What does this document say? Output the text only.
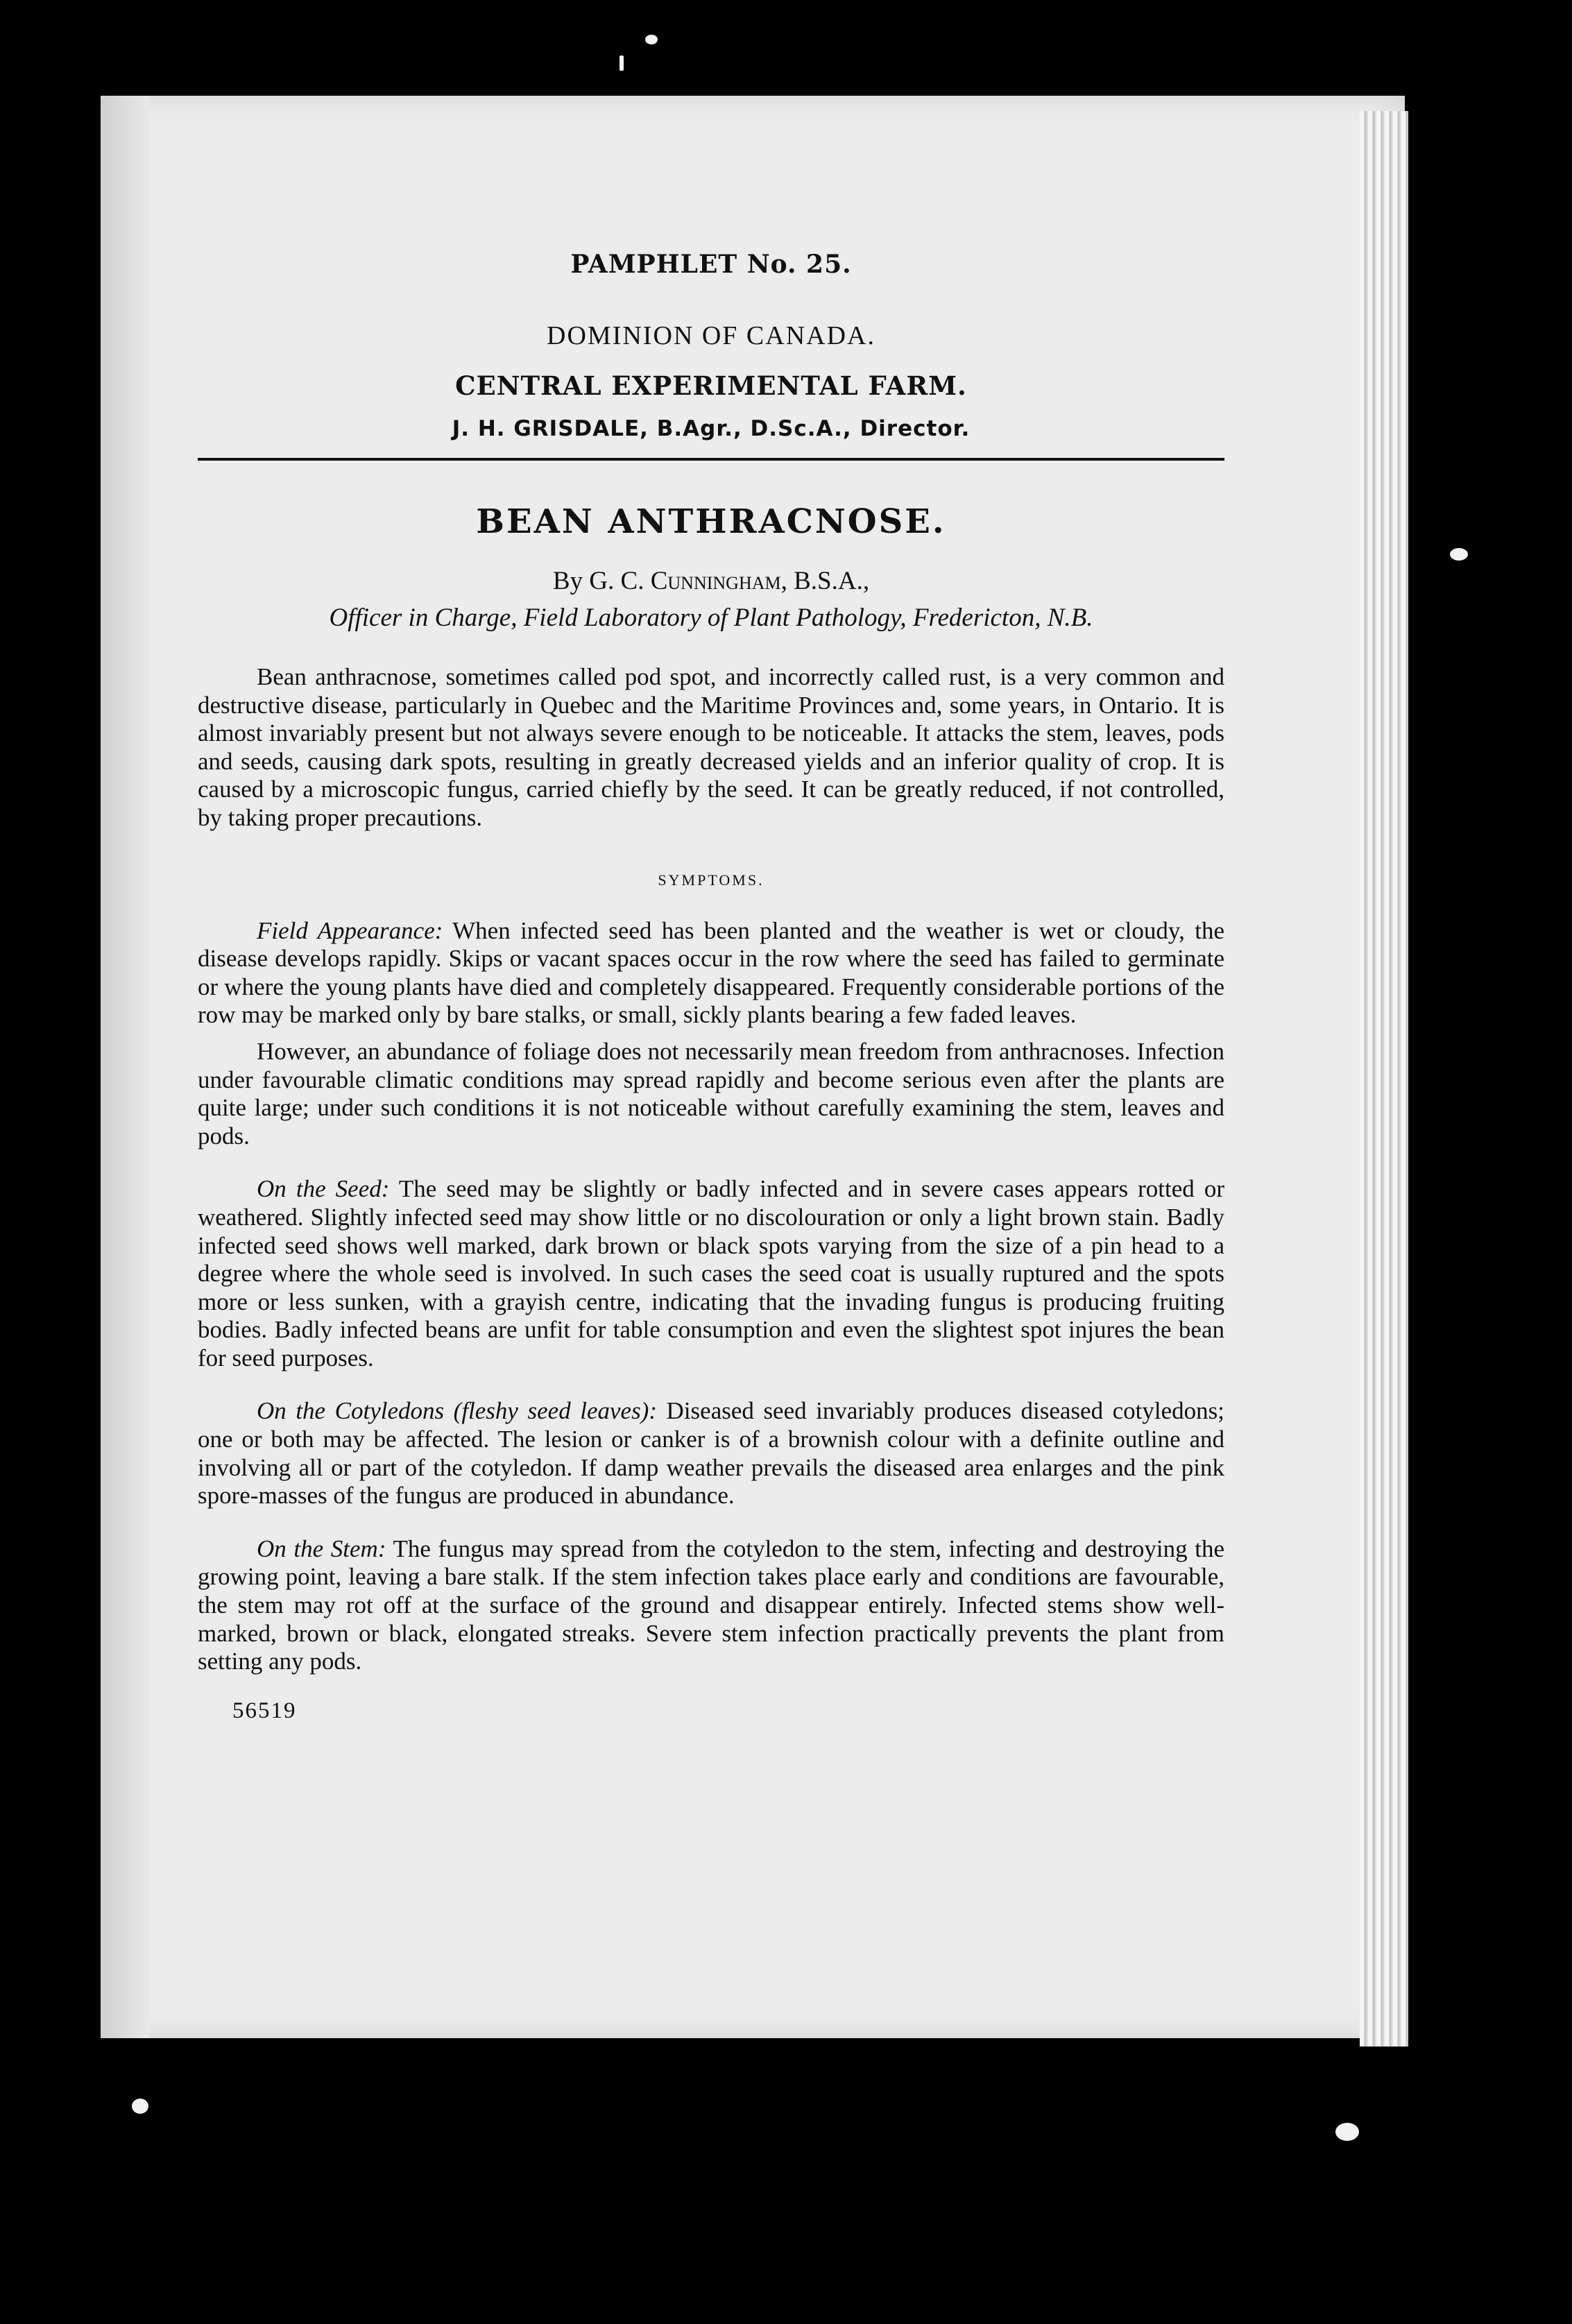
PAMPHLET No. 25.

DOMINION OF CANADA.

CENTRAL EXPERIMENTAL FARM.

J. H. GRISDALE, B.Agr., D.Sc.A., Director.

BEAN ANTHRACNOSE.

By G. C. Cunningham, B.S.A.,

Officer in Charge, Field Laboratory of Plant Pathology, Fredericton, N.B.

Bean anthracnose, sometimes called pod spot, and incorrectly called rust, is a very common and destructive disease, particularly in Quebec and the Maritime Provinces and, some years, in Ontario. It is almost invariably present but not always severe enough to be noticeable. It attacks the stem, leaves, pods and seeds, causing dark spots, resulting in greatly decreased yields and an inferior quality of crop. It is caused by a microscopic fungus, carried chiefly by the seed. It can be greatly reduced, if not controlled, by taking proper precautions.

SYMPTOMS.

Field Appearance: When infected seed has been planted and the weather is wet or cloudy, the disease develops rapidly. Skips or vacant spaces occur in the row where the seed has failed to germinate or where the young plants have died and completely disappeared. Frequently considerable portions of the row may be marked only by bare stalks, or small, sickly plants bearing a few faded leaves.

However, an abundance of foliage does not necessarily mean freedom from anthracnoses. Infection under favourable climatic conditions may spread rapidly and become serious even after the plants are quite large; under such conditions it is not noticeable without carefully examining the stem, leaves and pods.

On the Seed: The seed may be slightly or badly infected and in severe cases appears rotted or weathered. Slightly infected seed may show little or no discolouration or only a light brown stain. Badly infected seed shows well marked, dark brown or black spots varying from the size of a pin head to a degree where the whole seed is involved. In such cases the seed coat is usually ruptured and the spots more or less sunken, with a grayish centre, indicating that the invading fungus is producing fruiting bodies. Badly infected beans are unfit for table consumption and even the slightest spot injures the bean for seed purposes.

On the Cotyledons (fleshy seed leaves): Diseased seed invariably produces diseased cotyledons; one or both may be affected. The lesion or canker is of a brownish colour with a definite outline and involving all or part of the cotyledon. If damp weather prevails the diseased area enlarges and the pink spore-masses of the fungus are produced in abundance.

On the Stem: The fungus may spread from the cotyledon to the stem, infecting and destroying the growing point, leaving a bare stalk. If the stem infection takes place early and conditions are favourable, the stem may rot off at the surface of the ground and disappear entirely. Infected stems show well-marked, brown or black, elongated streaks. Severe stem infection practically prevents the plant from setting any pods.

56519
